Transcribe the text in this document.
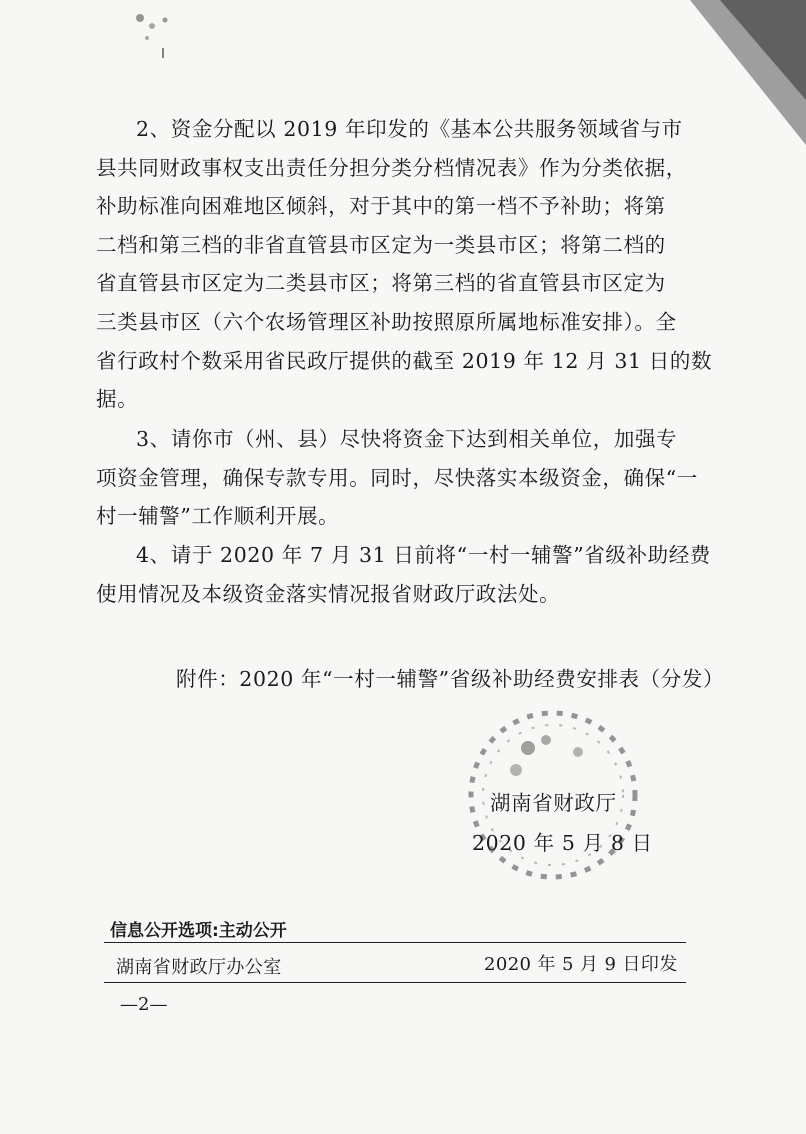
2、资金分配以 2019 年印发的《基本公共服务领域省与市
县共同财政事权支出责任分担分类分档情况表》作为分类依据，
补助标准向困难地区倾斜，对于其中的第一档不予补助；将第
二档和第三档的非省直管县市区定为一类县市区；将第二档的
省直管县市区定为二类县市区；将第三档的省直管县市区定为
三类县市区（六个农场管理区补助按照原所属地标准安排）。全
省行政村个数采用省民政厅提供的截至 2019 年 12 月 31 日的数
据。

3、请你市（州、县）尽快将资金下达到相关单位，加强专
项资金管理，确保专款专用。同时，尽快落实本级资金，确保“一
村一辅警”工作顺利开展。

4、请于 2020 年 7 月 31 日前将“一村一辅警”省级补助经费
使用情况及本级资金落实情况报省财政厅政法处。

附件：2020 年“一村一辅警”省级补助经费安排表（分发）
湖南省财政厅
2020 年 5 月 8 日
信息公开选项:主动公开
湖南省财政厅办公室	2020 年 5 月 9 日印发
—2—
